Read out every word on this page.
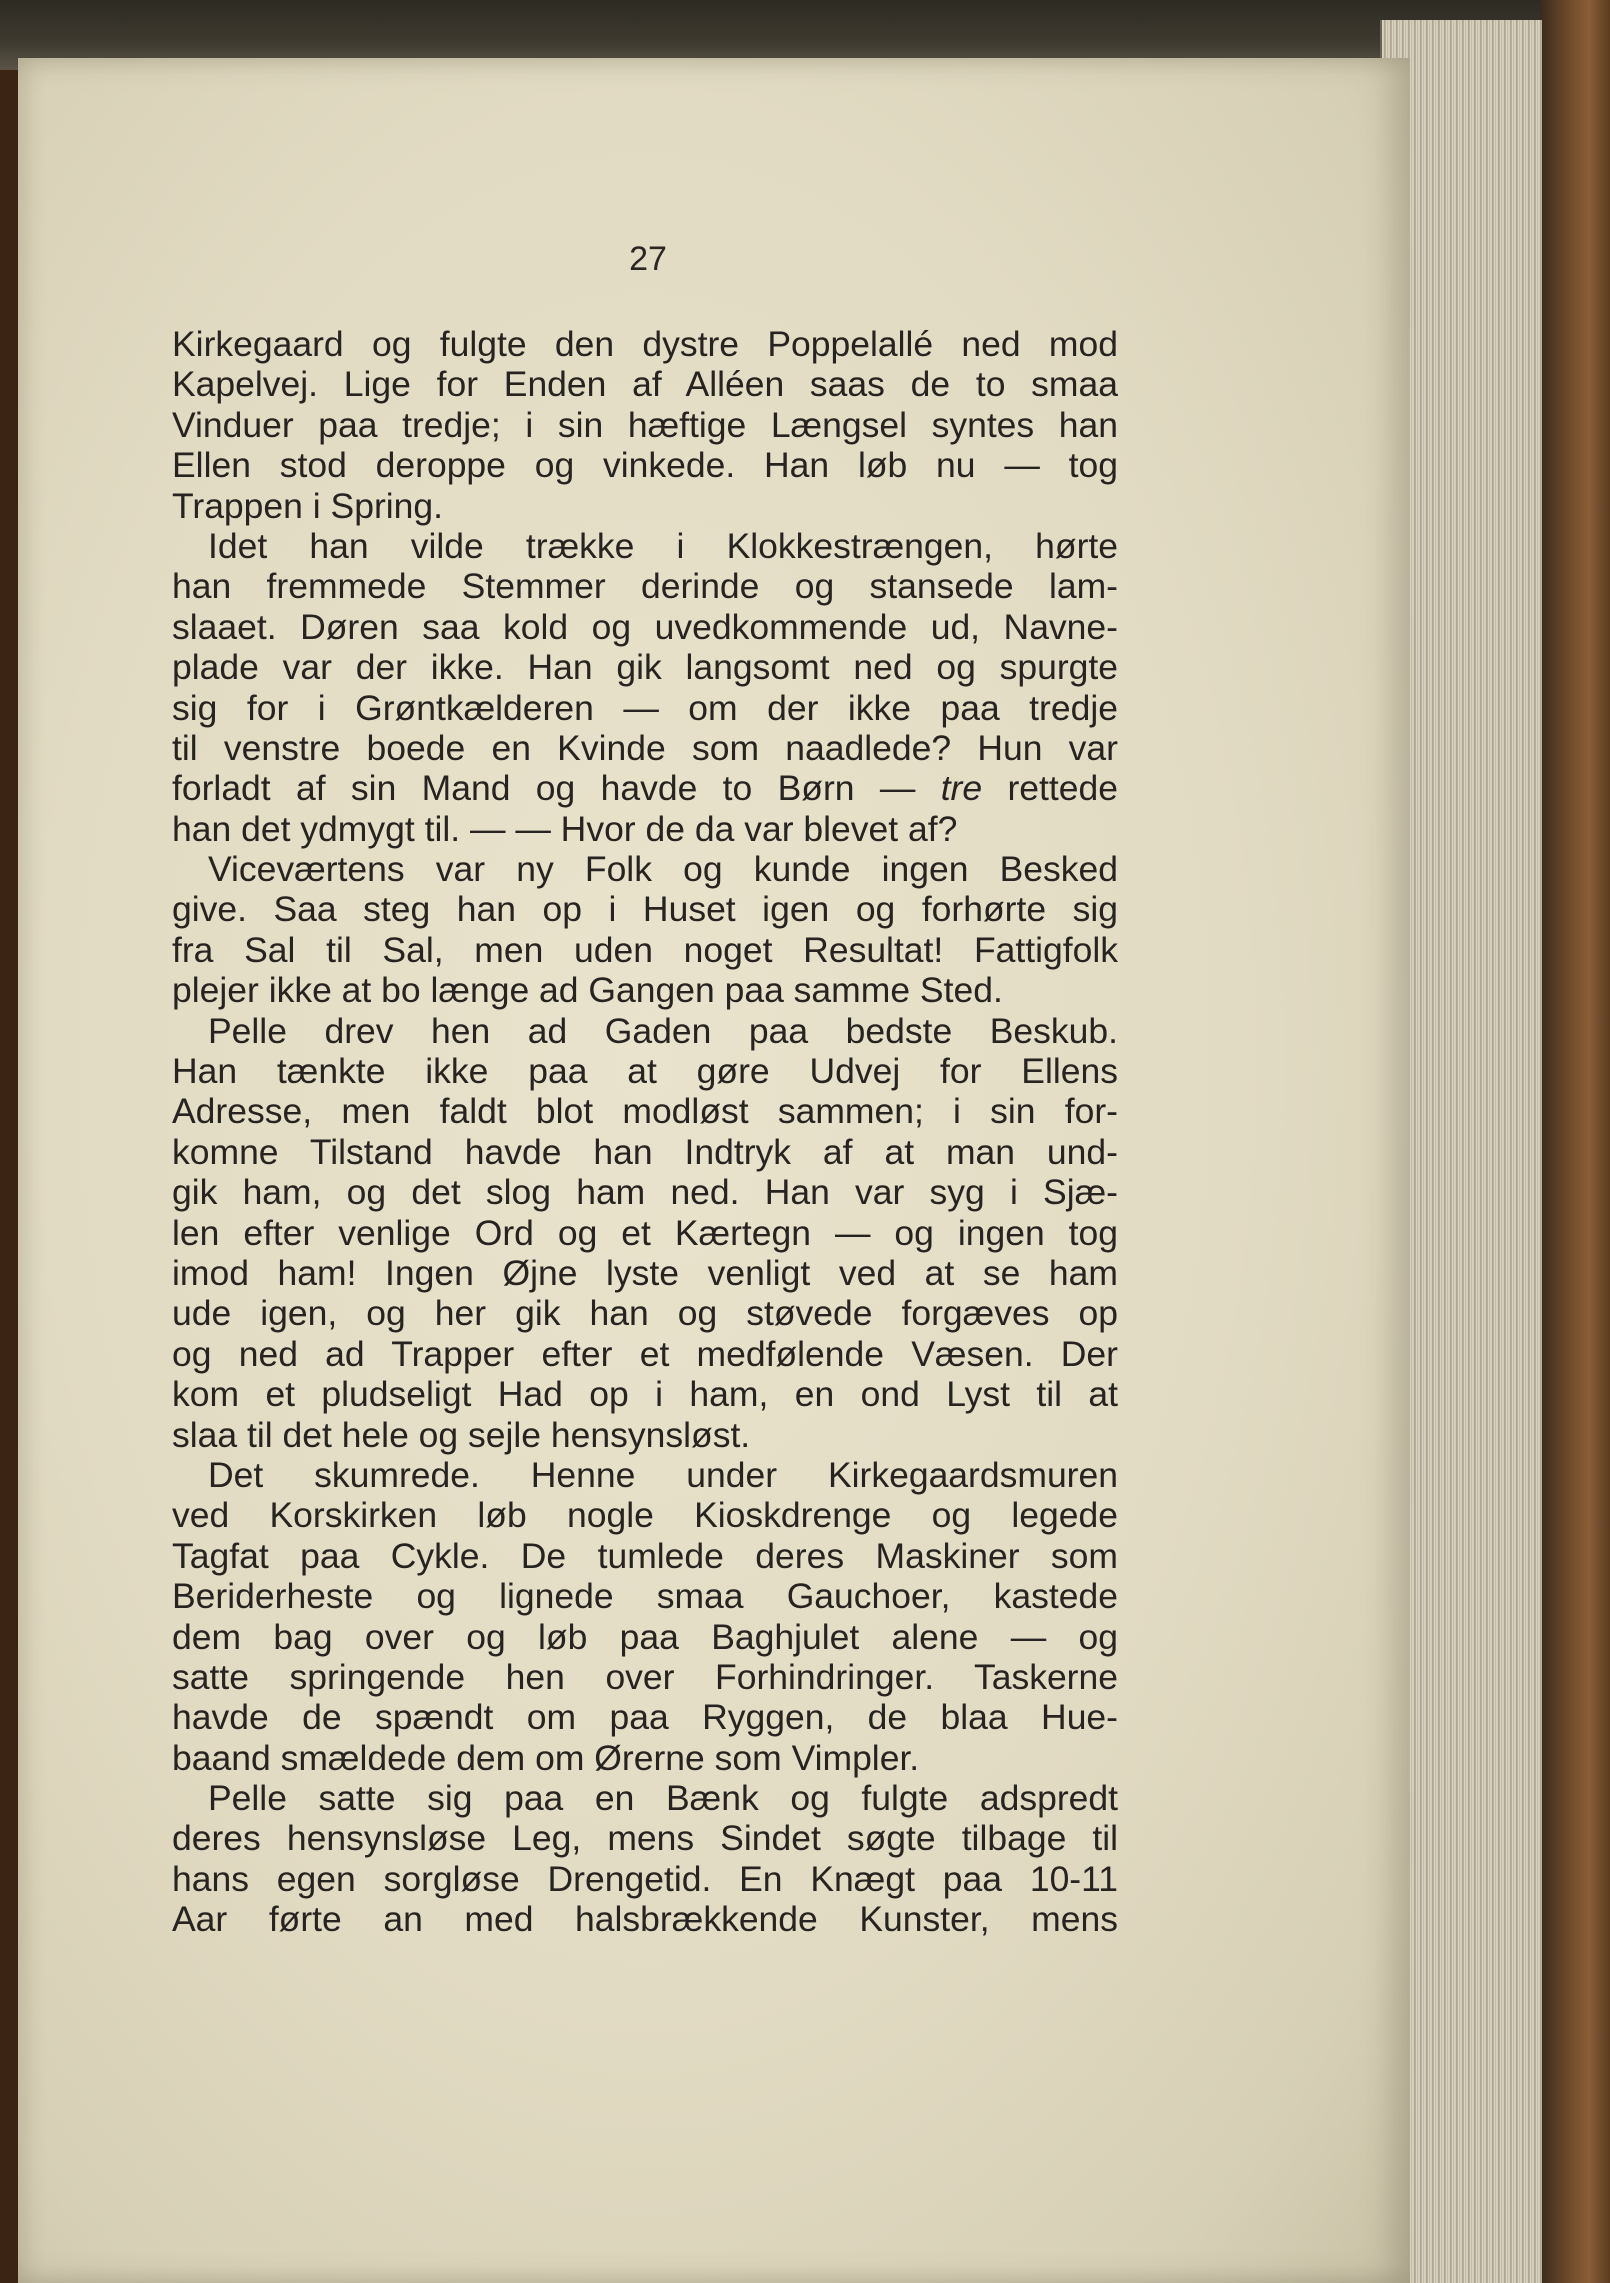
27
Kirkegaard og fulgte den dystre Poppelallé ned mod
Kapelvej. Lige for Enden af Alléen saas de to smaa
Vinduer paa tredje; i sin hæftige Længsel syntes han
Ellen stod deroppe og vinkede. Han løb nu — tog
Trappen i Spring.
Idet han vilde trække i Klokkestrængen, hørte
han fremmede Stemmer derinde og stansede lam-
slaaet. Døren saa kold og uvedkommende ud, Navne-
plade var der ikke. Han gik langsomt ned og spurgte
sig for i Grøntkælderen — om der ikke paa tredje
til venstre boede en Kvinde som naadlede? Hun var
forladt af sin Mand og havde to Børn — tre rettede
han det ydmygt til. — — Hvor de da var blevet af?
Viceværtens var ny Folk og kunde ingen Besked
give. Saa steg han op i Huset igen og forhørte sig
fra Sal til Sal, men uden noget Resultat! Fattigfolk
plejer ikke at bo længe ad Gangen paa samme Sted.
Pelle drev hen ad Gaden paa bedste Beskub.
Han tænkte ikke paa at gøre Udvej for Ellens
Adresse, men faldt blot modløst sammen; i sin for-
komne Tilstand havde han Indtryk af at man und-
gik ham, og det slog ham ned. Han var syg i Sjæ-
len efter venlige Ord og et Kærtegn — og ingen tog
imod ham! Ingen Øjne lyste venligt ved at se ham
ude igen, og her gik han og støvede forgæves op
og ned ad Trapper efter et medfølende Væsen. Der
kom et pludseligt Had op i ham, en ond Lyst til at
slaa til det hele og sejle hensynsløst.
Det skumrede. Henne under Kirkegaardsmuren
ved Korskirken løb nogle Kioskdrenge og legede
Tagfat paa Cykle. De tumlede deres Maskiner som
Beriderheste og lignede smaa Gauchoer, kastede
dem bag over og løb paa Baghjulet alene — og
satte springende hen over Forhindringer. Taskerne
havde de spændt om paa Ryggen, de blaa Hue-
baand smældede dem om Ørerne som Vimpler.
Pelle satte sig paa en Bænk og fulgte adspredt
deres hensynsløse Leg, mens Sindet søgte tilbage til
hans egen sorgløse Drengetid. En Knægt paa 10-11
Aar førte an med halsbrækkende Kunster, mens
